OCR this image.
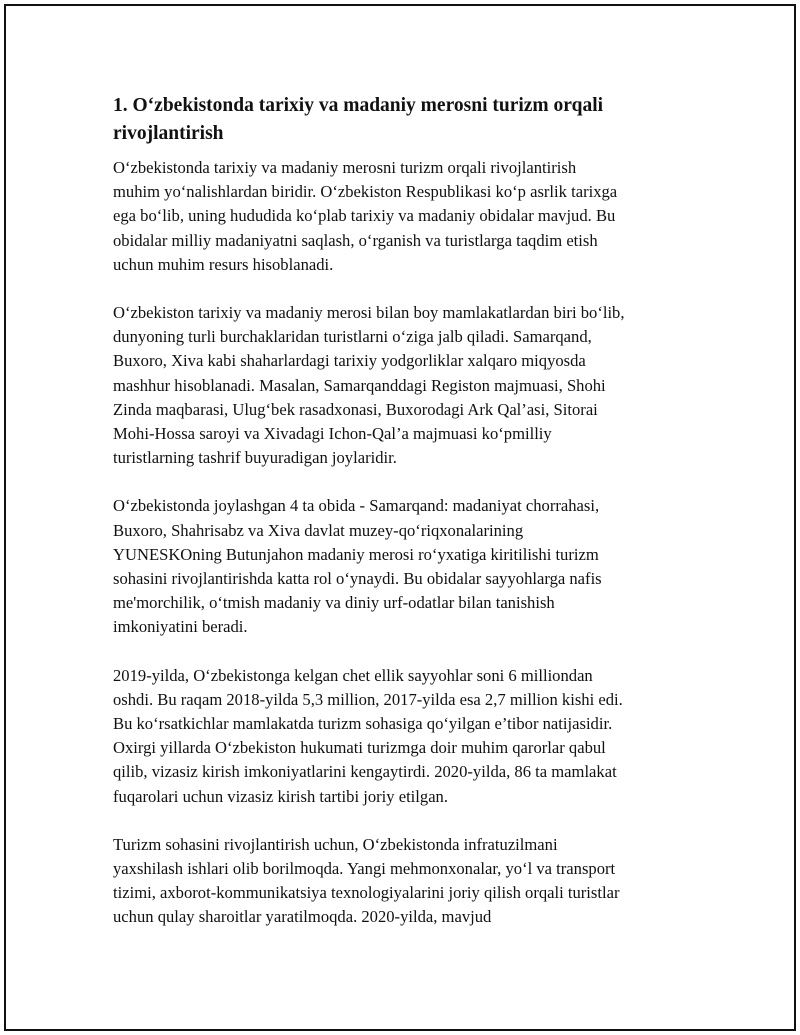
1. O‘zbekistonda tarixiy va madaniy merosni turizm orqali
rivojlantirish

O‘zbekistonda tarixiy va madaniy merosni turizm orqali rivojlantirish
muhim yo‘nalishlardan biridir. O‘zbekiston Respublikasi ko‘p asrlik tarixga
ega bo‘lib, uning hududida ko‘plab tarixiy va madaniy obidalar mavjud. Bu
obidalar milliy madaniyatni saqlash, o‘rganish va turistlarga taqdim etish
uchun muhim resurs hisoblanadi.

O‘zbekiston tarixiy va madaniy merosi bilan boy mamlakatlardan biri bo‘lib,
dunyoning turli burchaklaridan turistlarni o‘ziga jalb qiladi. Samarqand,
Buxoro, Xiva kabi shaharlardagi tarixiy yodgorliklar xalqaro miqyosda
mashhur hisoblanadi. Masalan, Samarqanddagi Registon majmuasi, Shohi
Zinda maqbarasi, Ulug‘bek rasadxonasi, Buxorodagi Ark Qal’asi, Sitorai
Mohi-Hossa saroyi va Xivadagi Ichon-Qal’a majmuasi ko‘pmilliy
turistlarning tashrif buyuradigan joylaridir.

O‘zbekistonda joylashgan 4 ta obida - Samarqand: madaniyat chorrahasi,
Buxoro, Shahrisabz va Xiva davlat muzey-qo‘riqxonalarining
YUNESKOning Butunjahon madaniy merosi ro‘yxatiga kiritilishi turizm
sohasini rivojlantirishda katta rol o‘ynaydi. Bu obidalar sayyohlarga nafis
me'morchilik, o‘tmish madaniy va diniy urf-odatlar bilan tanishish
imkoniyatini beradi.

2019-yilda, O‘zbekistonga kelgan chet ellik sayyohlar soni 6 milliondan
oshdi. Bu raqam 2018-yilda 5,3 million, 2017-yilda esa 2,7 million kishi edi.
Bu ko‘rsatkichlar mamlakatda turizm sohasiga qo‘yilgan e’tibor natijasidir.
Oxirgi yillarda O‘zbekiston hukumati turizmga doir muhim qarorlar qabul
qilib, vizasiz kirish imkoniyatlarini kengaytirdi. 2020-yilda, 86 ta mamlakat
fuqarolari uchun vizasiz kirish tartibi joriy etilgan.

Turizm sohasini rivojlantirish uchun, O‘zbekistonda infratuzilmani
yaxshilash ishlari olib borilmoqda. Yangi mehmonxonalar, yo‘l va transport
tizimi, axborot-kommunikatsiya texnologiyalarini joriy qilish orqali turistlar
uchun qulay sharoitlar yaratilmoqda. 2020-yilda, mavjud
